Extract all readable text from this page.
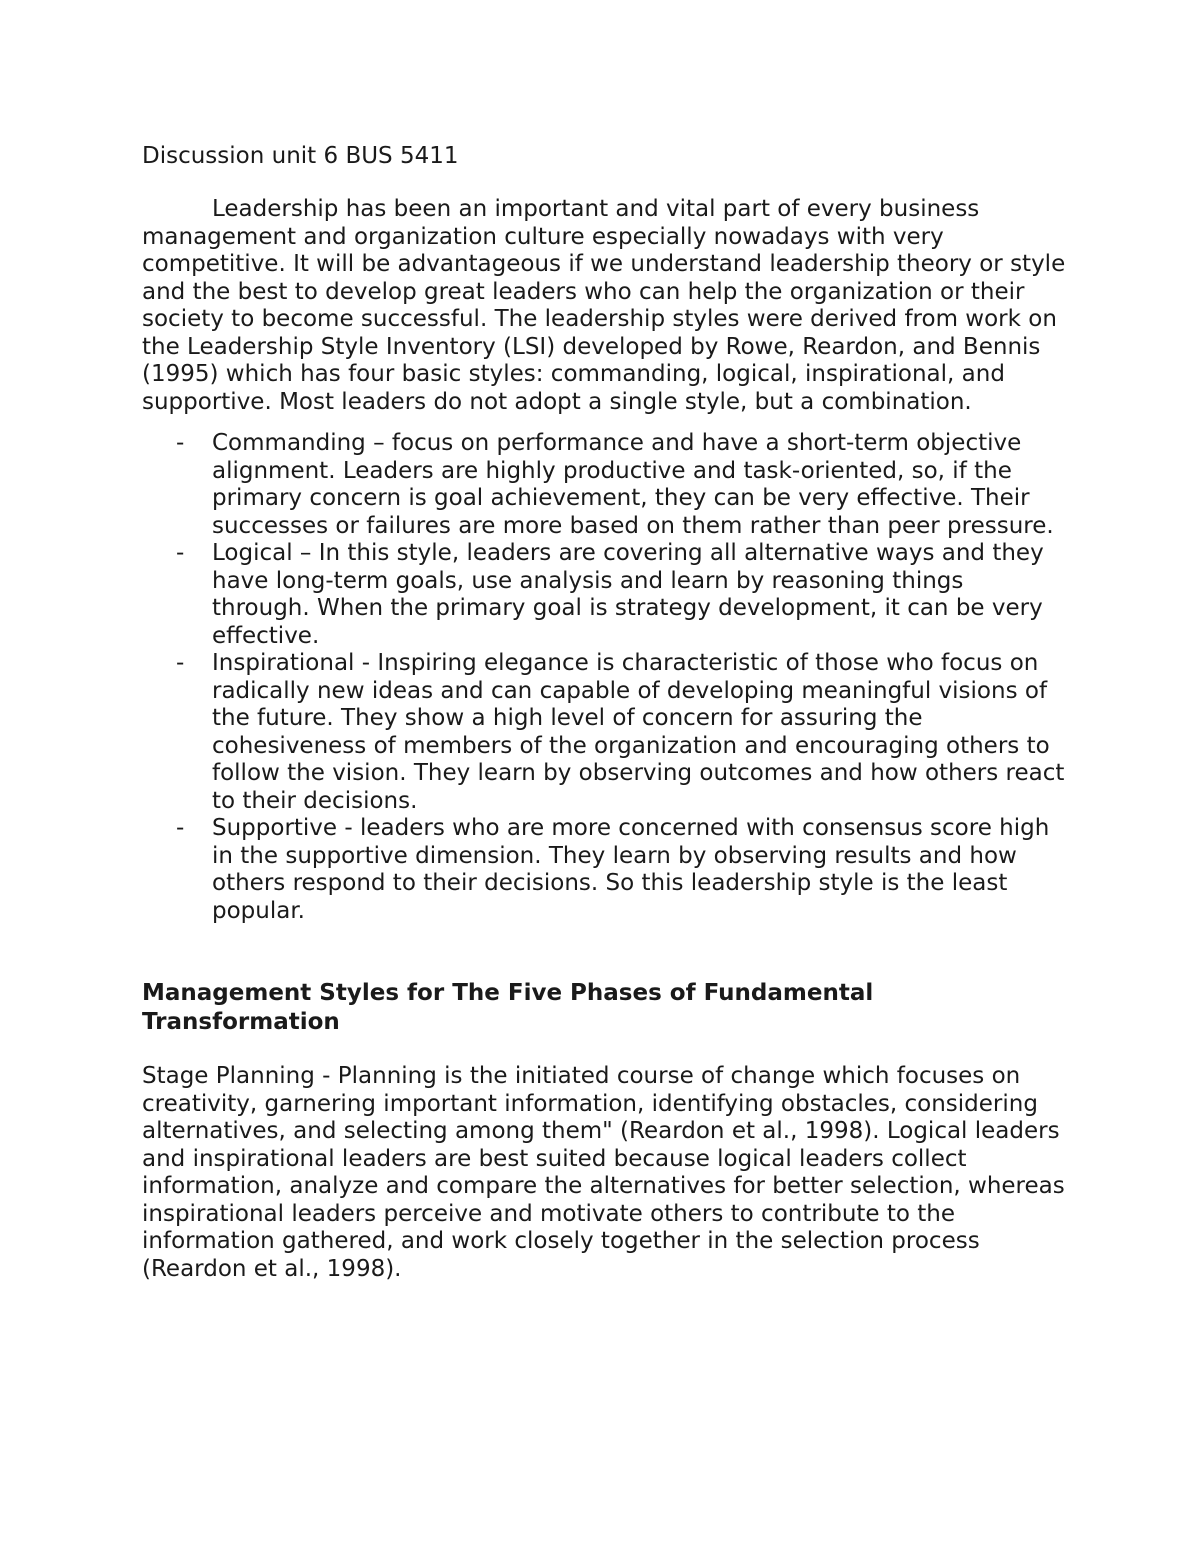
Discussion unit 6 BUS 5411

Leadership has been an important and vital part of every business management and organization culture especially nowadays with very competitive. It will be advantageous if we understand leadership theory or style and the best to develop great leaders who can help the organization or their society to become successful. The leadership styles were derived from work on the Leadership Style Inventory (LSI) developed by Rowe, Reardon, and Bennis (1995) which has four basic styles: commanding, logical, inspirational, and supportive. Most leaders do not adopt a single style, but a combination.

- Commanding – focus on performance and have a short-term objective alignment. Leaders are highly productive and task-oriented, so, if the primary concern is goal achievement, they can be very effective. Their successes or failures are more based on them rather than peer pressure.
- Logical – In this style, leaders are covering all alternative ways and they have long-term goals, use analysis and learn by reasoning things through. When the primary goal is strategy development, it can be very effective.
- Inspirational - Inspiring elegance is characteristic of those who focus on radically new ideas and can capable of developing meaningful visions of the future. They show a high level of concern for assuring the cohesiveness of members of the organization and encouraging others to follow the vision. They learn by observing outcomes and how others react to their decisions.
- Supportive - leaders who are more concerned with consensus score high in the supportive dimension. They learn by observing results and how others respond to their decisions. So this leadership style is the least popular.
Management Styles for The Five Phases of Fundamental Transformation

Stage Planning - Planning is the initiated course of change which focuses on creativity, garnering important information, identifying obstacles, considering alternatives, and selecting among them" (Reardon et al., 1998). Logical leaders and inspirational leaders are best suited because logical leaders collect information, analyze and compare the alternatives for better selection, whereas inspirational leaders perceive and motivate others to contribute to the information gathered, and work closely together in the selection process (Reardon et al., 1998).
